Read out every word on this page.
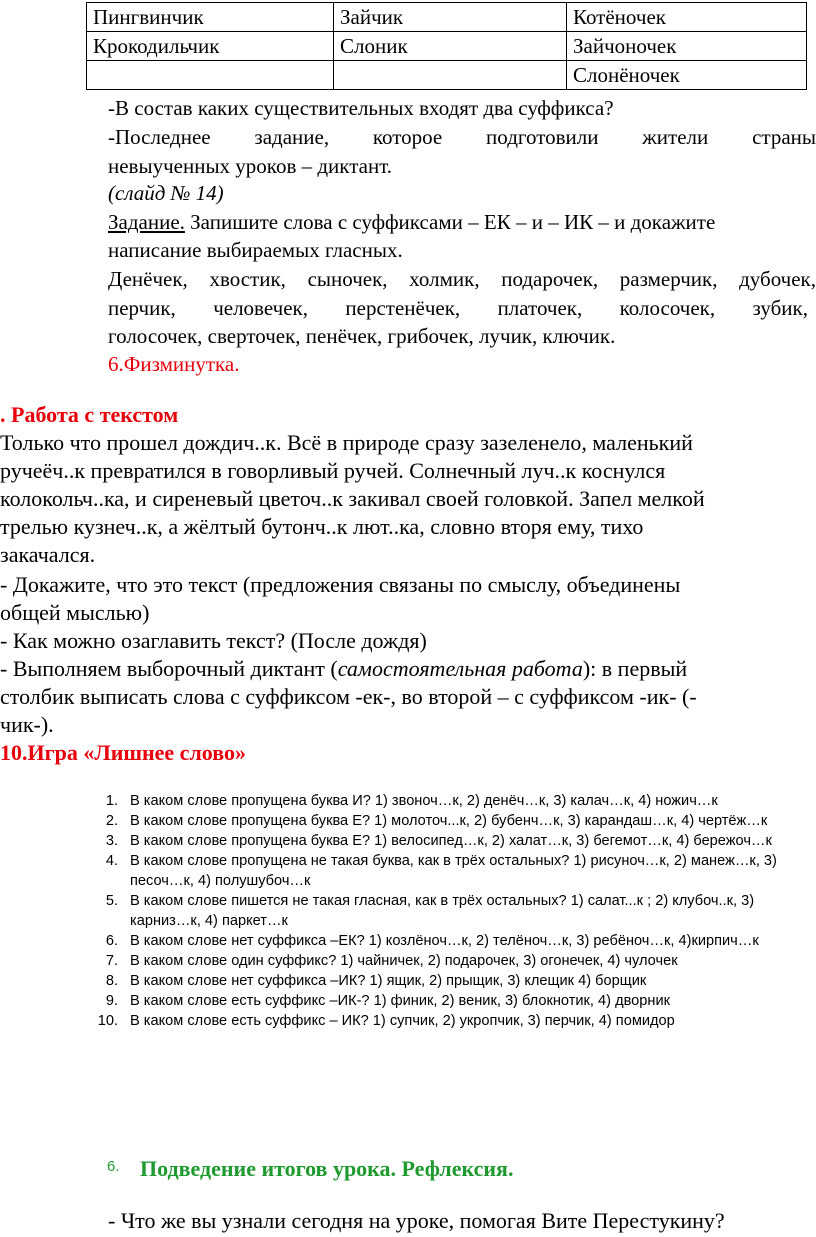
Пингвинчик	Зайчик	Котёночек
Крокодильчик	Слоник	Зайчоночек
		Слонёночек
-В состав каких существительных входят два суффикса?
-Последнее задание, которое подготовили жители страны
невыученных уроков – диктант.
(слайд № 14)
Задание. Запишите слова с суффиксами – ЕК – и – ИК – и докажите
написание выбираемых гласных.
Денёчек, хвостик, сыночек, холмик, подарочек, размерчик, дубочек,
перчик, человечек, перстенёчек, платочек, колосочек, зубик,
голосочек, сверточек, пенёчек, грибочек, лучик, ключик.
6.Физминутка.
. Работа с текстом
Только что прошел дождич..к. Всё в природе сразу зазеленело, маленький
ручеёч..к превратился в говорливый ручей. Солнечный луч..к коснулся
колокольч..ка, и сиреневый цветоч..к закивал своей головкой. Запел мелкой
трелью кузнеч..к, а жёлтый бутонч..к лют..ка, словно вторя ему, тихо
закачался.
- Докажите, что это текст (предложения связаны по смыслу, объединены
общей мыслью)
- Как можно озаглавить текст? (После дождя)
- Выполняем выборочный диктант (самостоятельная работа): в первый
столбик выписать слова с суффиксом -ек-, во второй – с суффиксом -ик- (-
чик-).
10.Игра «Лишнее слово»
1. В каком слове пропущена буква И? 1) звоноч…к, 2) денёч…к, 3) калач…к, 4) ножич…к
2. В каком слове пропущена буква Е? 1) молоточ...к, 2) бубенч…к, 3) карандаш…к, 4) чертёж…к
3. В каком слове пропущена буква Е? 1) велосипед…к, 2) халат…к, 3) бегемот…к, 4) бережоч…к
4. В каком слове пропущена не такая буква, как в трёх остальных? 1) рисуноч…к, 2) манеж…к, 3) песоч…к, 4) полушубоч…к
5. В каком слове пишется не такая гласная, как в трёх остальных? 1) салат...к ; 2) клубоч..к, 3) карниз…к, 4) паркет…к
6. В каком слове нет суффикса –ЕК? 1) козлёноч…к, 2) телёноч…к, 3) ребёноч…к, 4)кирпич…к
7. В каком слове один суффикс? 1) чайничек, 2) подарочек, 3) огонечек, 4) чулочек
8. В каком слове нет суффикса –ИК? 1) ящик, 2) прыщик, 3) клещик 4) борщик
9. В каком слове есть суффикс –ИК-? 1) финик, 2) веник, 3) блокнотик, 4) дворник
10. В каком слове есть суффикс – ИК? 1) супчик, 2) укропчик, 3) перчик, 4) помидор
6. Подведение итогов урока. Рефлексия.
- Что же вы узнали сегодня на уроке, помогая Вите Перестукину?
